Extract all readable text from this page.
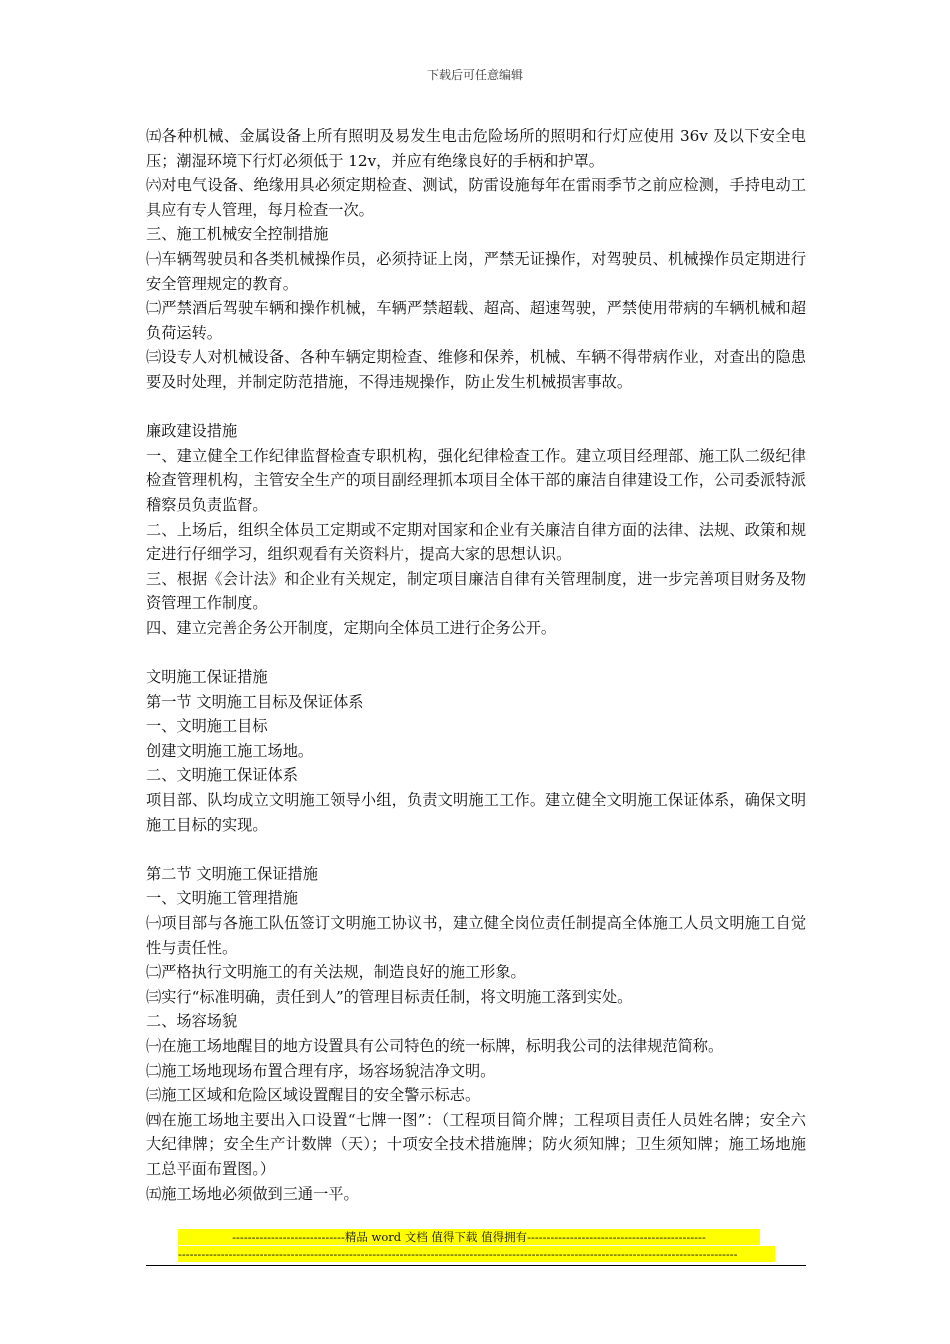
下载后可任意编辑

㈤各种机械、金属设备上所有照明及易发生电击危险场所的照明和行灯应使用 36v 及以下安全电压；潮湿环境下行灯必须低于 12v，并应有绝缘良好的手柄和护罩。

㈥对电气设备、绝缘用具必须定期检查、测试，防雷设施每年在雷雨季节之前应检测，手持电动工具应有专人管理，每月检查一次。

三、施工机械安全控制措施

㈠车辆驾驶员和各类机械操作员，必须持证上岗，严禁无证操作，对驾驶员、机械操作员定期进行安全管理规定的教育。

㈡严禁酒后驾驶车辆和操作机械，车辆严禁超载、超高、超速驾驶，严禁使用带病的车辆机械和超负荷运转。

㈢设专人对机械设备、各种车辆定期检查、维修和保养，机械、车辆不得带病作业，对查出的隐患要及时处理，并制定防范措施，不得违规操作，防止发生机械损害事故。

廉政建设措施

一、建立健全工作纪律监督检查专职机构，强化纪律检查工作。建立项目经理部、施工队二级纪律检查管理机构，主管安全生产的项目副经理抓本项目全体干部的廉洁自律建设工作，公司委派特派稽察员负责监督。

二、上场后，组织全体员工定期或不定期对国家和企业有关廉洁自律方面的法律、法规、政策和规定进行仔细学习，组织观看有关资料片，提高大家的思想认识。

三、根据《会计法》和企业有关规定，制定项目廉洁自律有关管理制度，进一步完善项目财务及物资管理工作制度。

四、建立完善企务公开制度，定期向全体员工进行企务公开。

文明施工保证措施

第一节 文明施工目标及保证体系

一、文明施工目标

创建文明施工施工场地。

二、文明施工保证体系

项目部、队均成立文明施工领导小组，负责文明施工工作。建立健全文明施工保证体系，确保文明施工目标的实现。

第二节 文明施工保证措施

一、文明施工管理措施

㈠项目部与各施工队伍签订文明施工协议书，建立健全岗位责任制提高全体施工人员文明施工自觉性与责任性。

㈡严格执行文明施工的有关法规，制造良好的施工形象。

㈢实行“标准明确，责任到人”的管理目标责任制，将文明施工落到实处。

二、场容场貌

㈠在施工场地醒目的地方设置具有公司特色的统一标牌，标明我公司的法律规范简称。

㈡施工场地现场布置合理有序，场容场貌洁净文明。

㈢施工区域和危险区域设置醒目的安全警示标志。

㈣在施工场地主要出入口设置“七牌一图”：（工程项目简介牌；工程项目责任人员姓名牌；安全六大纪律牌；安全生产计数牌（天）；十项安全技术措施牌；防火须知牌；卫生须知牌；施工场地施工总平面布置图。）

㈤施工场地必须做到三通一平。

-----------------------------精品 word 文档 值得下载 值得拥有----------------------------------------------
------------------------------------------------------------------------------------------------------------------------------------------------
